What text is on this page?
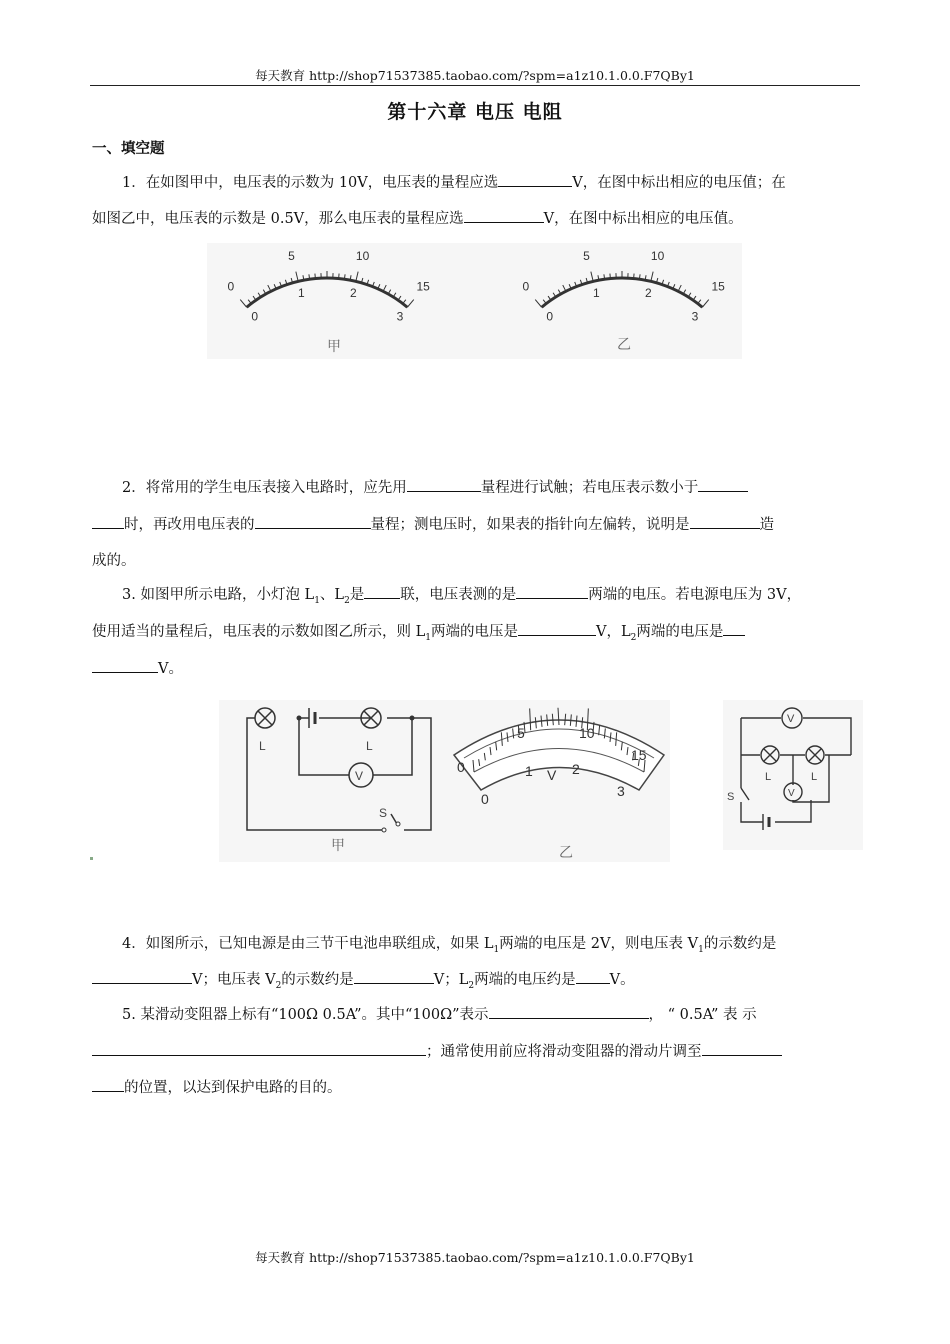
每天教育 http://shop71537385.taobao.com/?spm=a1z10.1.0.0.F7QBy1
第十六章 电压 电阻
一、填空题
1．在如图甲中，电压表的示数为 10V，电压表的量程应选	V，在图中标出相应的电压值；在
如图乙中，电压表的示数是 0.5V，那么电压表的量程应选	V，在图中标出相应的电压值。
0
5	10
15
0
1	2
3
0
5	10
15
0
1	2
3
甲	乙
2．将常用的学生电压表接入电路时，应先用	量程进行试触；若电压表示数小于
时，再改用电压表的	量程；测电压时，如果表的指针向左偏转，说明是	造
成的。
3. 如图甲所示电路，小灯泡 $L_1$、$L_2$是 联，电压表测的是	两端的电压。若电源电压为 3V，
使用适当的量程后，电压表的示数如图乙所示，则 $L_1$两端的电压是	V，$L_2$两端的电压是
V。
L	L
V
S
甲
0
5	10
15
0
1	2
3
V
乙
V
V
L	L
S
4．如图所示，已知电源是由三节干电池串联组成，如果 $L_1$两端的电压是 2V，则电压表 $V_1$的示数约是
V；电压表 $V_2$的示数约是	V；$L_2$两端的电压约是 V。
5. 某滑动变阻器上标有“100Ω 0.5A”。其中“100Ω”表示	， “ 0.5A” 表 示
；通常使用前应将滑动变阻器的滑动片调至
的位置，以达到保护电路的目的。
每天教育 http://shop71537385.taobao.com/?spm=a1z10.1.0.0.F7QBy1
